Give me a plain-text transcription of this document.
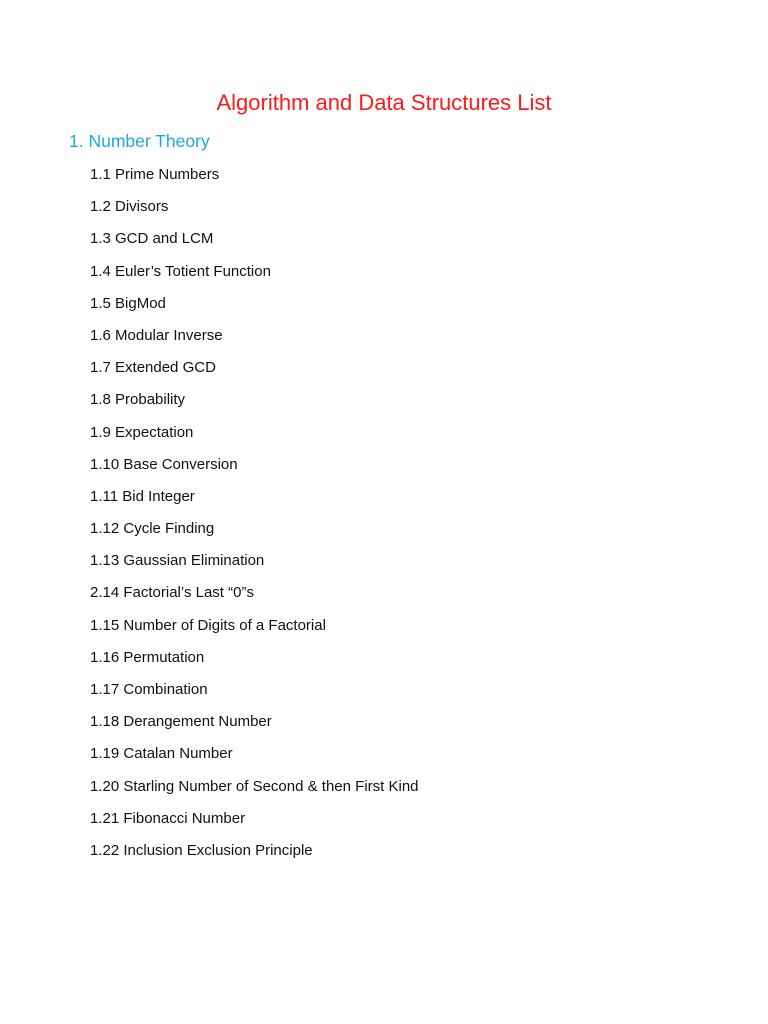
Algorithm and Data Structures List
1. Number Theory
1.1 Prime Numbers
1.2 Divisors
1.3 GCD and LCM
1.4 Euler’s Totient Function
1.5 BigMod
1.6 Modular Inverse
1.7 Extended GCD
1.8 Probability
1.9 Expectation
1.10 Base Conversion
1.11 Bid Integer
1.12 Cycle Finding
1.13 Gaussian Elimination
2.14 Factorial’s Last “0”s
1.15 Number of Digits of a Factorial
1.16 Permutation
1.17 Combination
1.18 Derangement Number
1.19 Catalan Number
1.20 Starling Number of Second & then First Kind
1.21 Fibonacci Number
1.22 Inclusion Exclusion Principle
